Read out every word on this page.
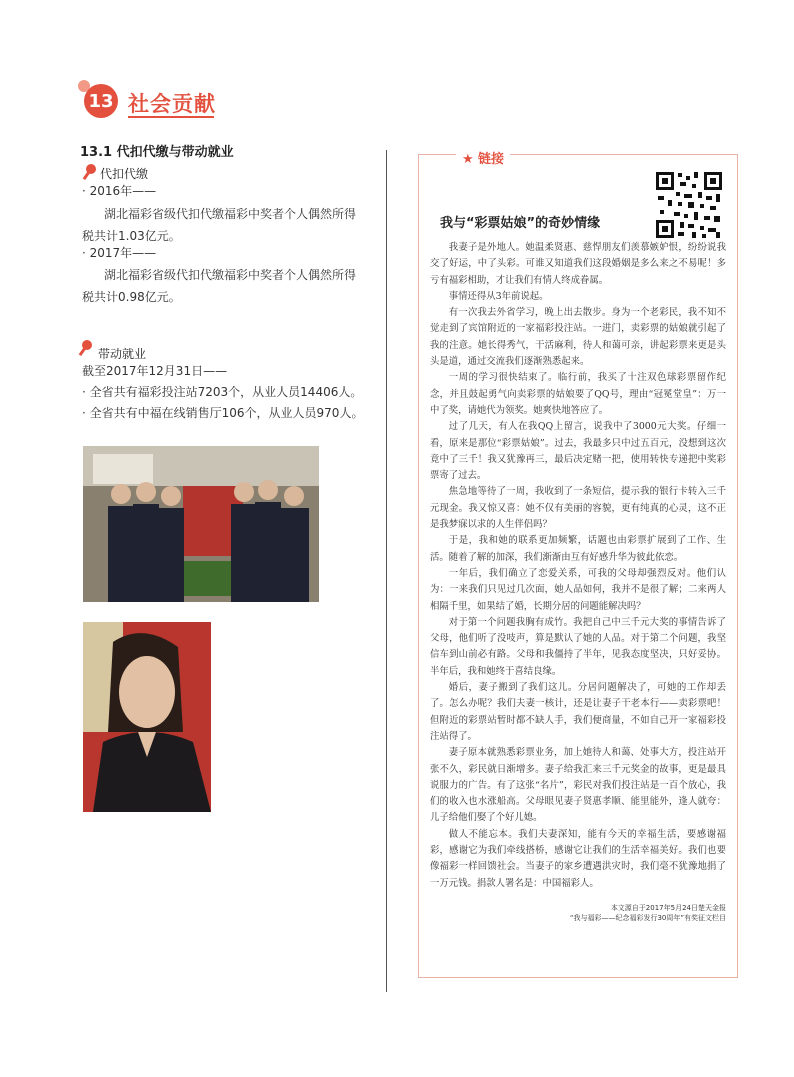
13 社会贡献
13.1 代扣代缴与带动就业
代扣代缴
· 2016年——
湖北福彩省级代扣代缴福彩中奖者个人偶然所得
税共计1.03亿元。
· 2017年——
湖北福彩省级代扣代缴福彩中奖者个人偶然所得
税共计0.98亿元。
带动就业
截至2017年12月31日——
· 全省共有福彩投注站7203个，从业人员14406人。
· 全省共有中福在线销售厅106个，从业人员970人。
★ 链接
我与“彩票姑娘”的奇妙情缘

我妻子是外地人。她温柔贤惠、慈悍朋友们羡慕嫉妒恨，纷纷说我交了好运，中了头彩。可谁又知道我们这段婚姻是多么来之不易呢！多亏有福彩相助，才让我们有情人终成眷属。

事情还得从3年前说起。

有一次我去外省学习，晚上出去散步。身为一个老彩民，我不知不觉走到了宾馆附近的一家福彩投注站。一进门，卖彩票的姑娘就引起了我的注意。她长得秀气，干活麻利，待人和蔼可亲，讲起彩票来更是头头是道，通过交流我们逐渐熟悉起来。

一周的学习很快结束了。临行前，我买了十注双色球彩票留作纪念，并且鼓起勇气向卖彩票的姑娘要了QQ号，理由“冠冕堂皇”：万一中了奖，请她代为领奖。她爽快地答应了。

过了几天，有人在我QQ上留言，说我中了3000元大奖。仔细一看，原来是那位“彩票姑娘”。过去，我最多只中过五百元，没想到这次竟中了三千！我又犹豫再三，最后决定赌一把，使用转快专递把中奖彩票寄了过去。

焦急地等待了一周，我收到了一条短信，提示我的银行卡转入三千元现金。我又惊又喜：她不仅有美丽的容貌，更有纯真的心灵，这不正是我梦寐以求的人生伴侣吗？

于是，我和她的联系更加频繁，话题也由彩票扩展到了工作、生活。随着了解的加深，我们渐渐由互有好感升华为彼此依恋。

一年后，我们确立了恋爱关系，可我的父母却强烈反对。他们认为：一来我们只见过几次面，她人品如何，我并不是很了解；二来两人相隔千里，如果结了婚，长期分居的问题能解决吗？

对于第一个问题我胸有成竹。我把自己中三千元大奖的事情告诉了父母，他们听了没吱声，算是默认了她的人品。对于第二个问题，我坚信车到山前必有路。父母和我僵持了半年，见我态度坚决，只好妥协。半年后，我和她终于喜结良缘。

婚后，妻子搬到了我们这儿。分居问题解决了，可她的工作却丢了。怎么办呢？我们夫妻一核计，还是让妻子干老本行——卖彩票吧！但附近的彩票站暂时都不缺人手，我们便商量，不如自己开一家福彩投注站得了。

妻子原本就熟悉彩票业务，加上她待人和蔼、处事大方，投注站开张不久，彩民就日渐增多。妻子给我汇来三千元奖金的故事，更是最具说服力的广告。有了这张“名片”，彩民对我们投注站是一百个放心，我们的收入也水涨船高。父母眼见妻子贤惠孝顺、能里能外，逢人就夸：儿子给他们娶了个好儿媳。

做人不能忘本。我们夫妻深知，能有今天的幸福生活，要感谢福彩，感谢它为我们牵线搭桥，感谢它让我们的生活幸福美好。我们也要像福彩一样回馈社会。当妻子的家乡遭遇洪灾时，我们毫不犹豫地捐了一万元钱。捐款人署名是：中国福彩人。

本文源自于2017年5月24日楚天金报
“我与福彩——纪念福彩发行30周年”有奖征文栏目
